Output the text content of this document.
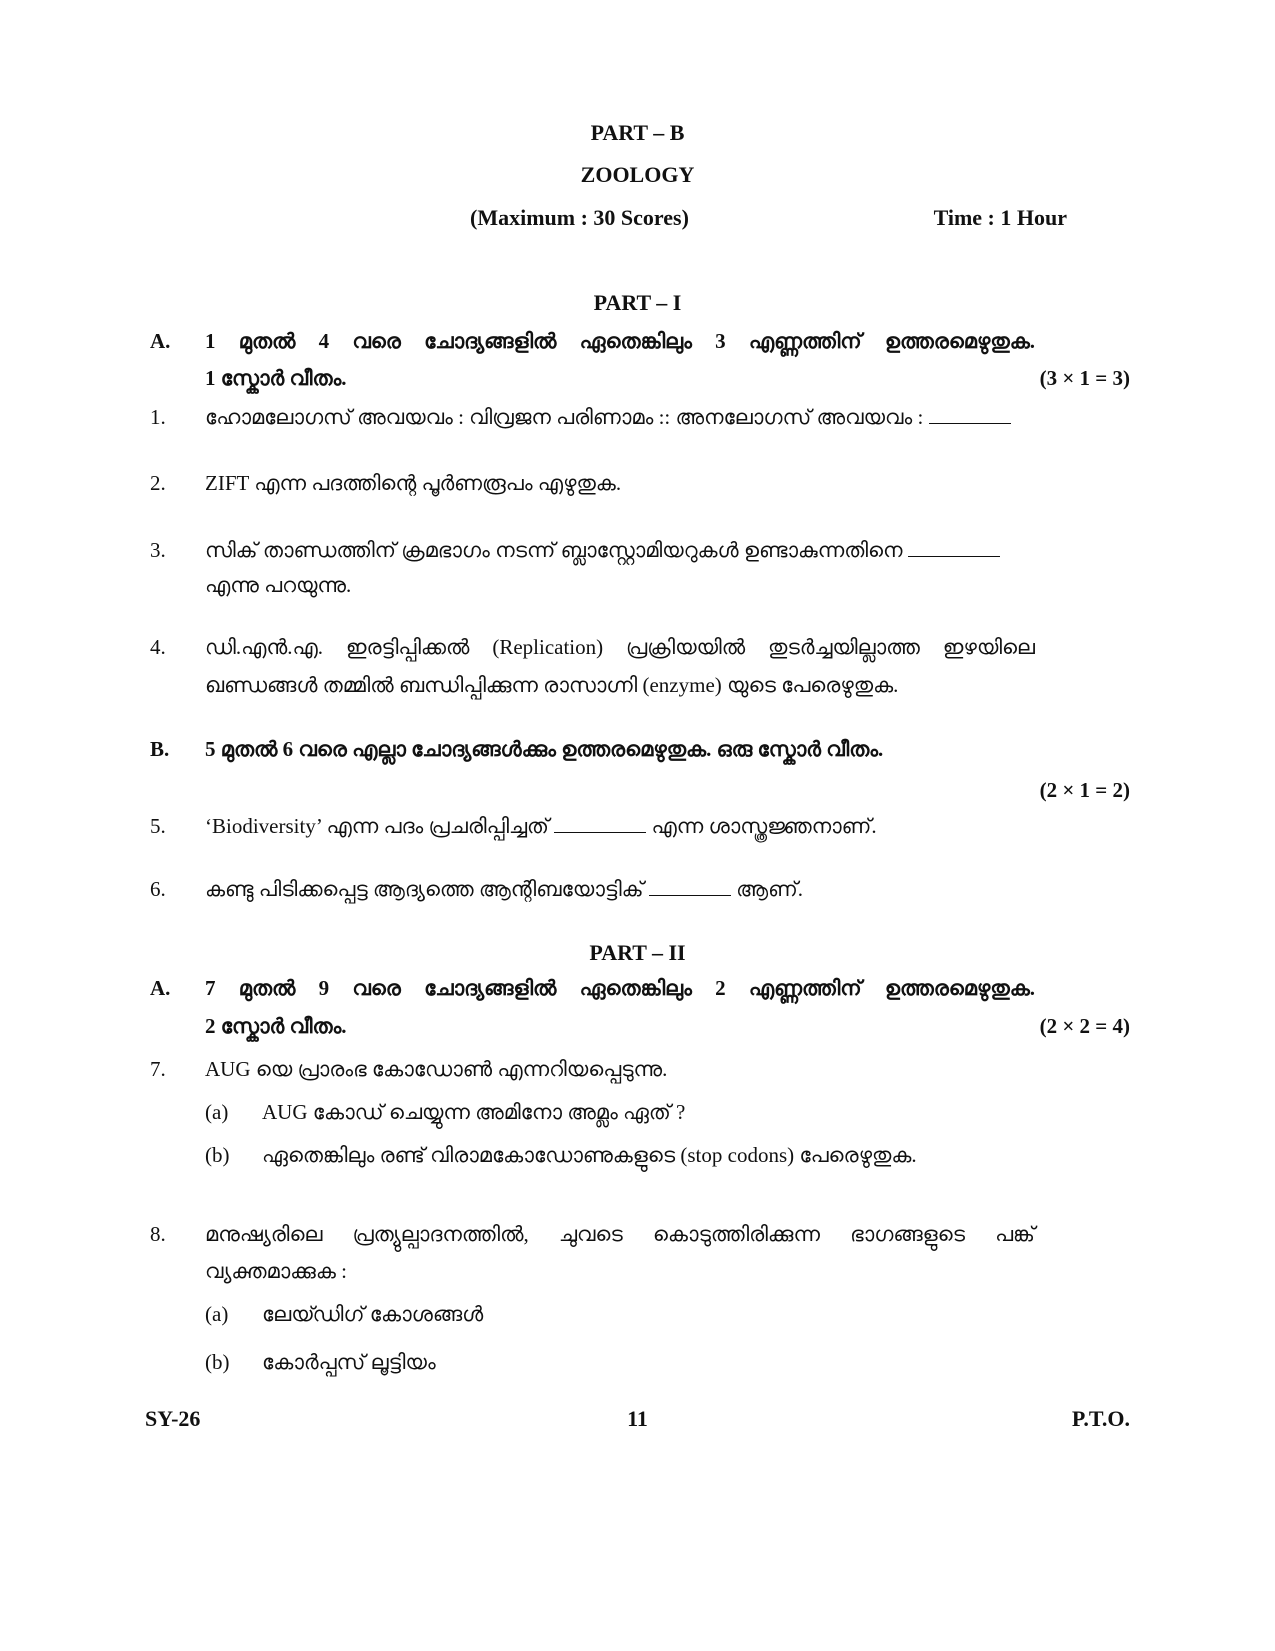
PART – B
ZOOLOGY
(Maximum : 30 Scores)	Time : 1 Hour
PART – I
A. 1 മുതൽ 4 വരെ ചോദ്യങ്ങളിൽ ഏതെങ്കിലും 3 എണ്ണത്തിന് ഉത്തരമെഴുതുക.
1 സ്കോർ വീതം.	(3 × 1 = 3)
1. ഹോമലോഗസ് അവയവം : വിവ്രജന പരിണാമം :: അനലോഗസ് അവയവം :
2. ZIFT എന്ന പദത്തിന്റെ പൂർണരൂപം എഴുതുക.
3. സിക് താണ്ഡത്തിന് ക്രമഭാഗം നടന്ന് ബ്ലാസ്റ്റോമിയറുകൾ ഉണ്ടാകുന്നതിനെ
എന്നു പറയുന്നു.
4. ഡി.എൻ.എ. ഇരട്ടിപ്പിക്കൽ (Replication) പ്രക്രിയയിൽ തുടർച്ചയില്ലാത്ത ഇഴയിലെ
ഖണ്ഡങ്ങൾ തമ്മിൽ ബന്ധിപ്പിക്കുന്ന രാസാഗ്നി (enzyme) യുടെ പേരെഴുതുക.
B. 5 മുതൽ 6 വരെ എല്ലാ ചോദ്യങ്ങൾക്കും ഉത്തരമെഴുതുക. ഒരു സ്കോർ വീതം.
(2 × 1 = 2)
5. ‘Biodiversity’ എന്ന പദം പ്രചരിപ്പിച്ചത്	എന്ന ശാസ്ത്രജ്ഞനാണ്.
6. കണ്ടു പിടിക്കപ്പെട്ട ആദ്യത്തെ ആന്റിബയോട്ടിക്	ആണ്.
PART – II
A. 7 മുതൽ 9 വരെ ചോദ്യങ്ങളിൽ ഏതെങ്കിലും 2 എണ്ണത്തിന് ഉത്തരമെഴുതുക.
2 സ്കോർ വീതം.	(2 × 2 = 4)
7. AUG യെ പ്രാരംഭ കോഡോൺ എന്നറിയപ്പെടുന്നു.
(a) AUG കോഡ് ചെയ്യുന്ന അമിനോ അമ്ലം ഏത് ?
(b) ഏതെങ്കിലും രണ്ട് വിരാമകോഡോണുകളുടെ (stop codons) പേരെഴുതുക.
8. മനുഷ്യരിലെ പ്രത്യുല്പാദനത്തിൽ, ചുവടെ കൊടുത്തിരിക്കുന്ന ഭാഗങ്ങളുടെ പങ്ക്
വ്യക്തമാക്കുക :
(a) ലേയ്ഡിഗ് കോശങ്ങൾ
(b) കോർപ്പസ് ലൂട്ടിയം
SY-26	11	P.T.O.
